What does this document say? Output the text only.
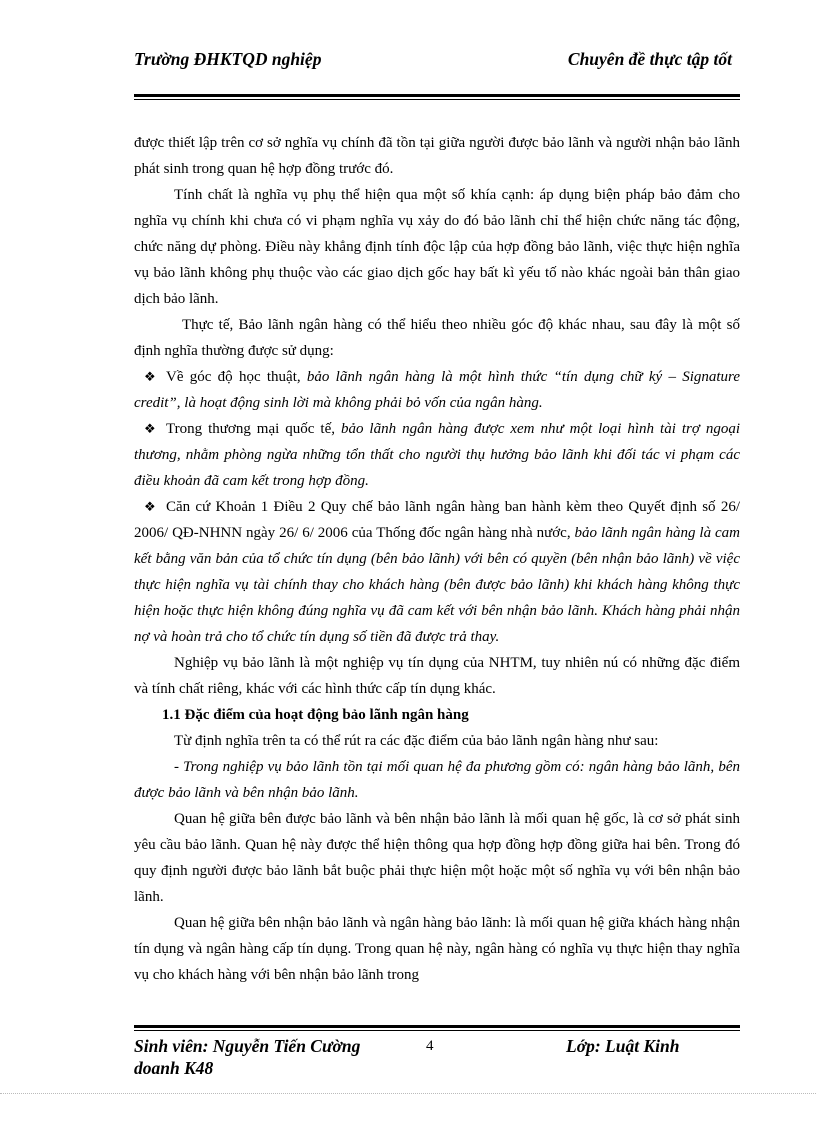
Trường ĐHKTQD nghiệp	Chuyên đề thực tập tốt

được thiết lập trên cơ sở nghĩa vụ chính đã tồn tại giữa người được bảo lãnh và người nhận bảo lãnh phát sinh trong quan hệ hợp đồng trước đó.

Tính chất là nghĩa vụ phụ thể hiện qua một số khía cạnh: áp dụng biện pháp bảo đảm cho nghĩa vụ chính khi chưa có vi phạm nghĩa vụ xảy do đó bảo lãnh chỉ thể hiện chức năng tác động, chức năng dự phòng. Điều này khẳng định tính độc lập của hợp đồng bảo lãnh, việc thực hiện nghĩa vụ bảo lãnh không phụ thuộc vào các giao dịch gốc hay bất kì yếu tố nào khác ngoài bản thân giao dịch bảo lãnh.

Thực tế, Bảo lãnh ngân hàng có thể hiểu theo nhiều góc độ khác nhau, sau đây là một số định nghĩa thường được sử dụng:

❖ Về góc độ học thuật, bảo lãnh ngân hàng là một hình thức “tín dụng chữ ký – Signature credit”, là hoạt động sinh lời mà không phải bỏ vốn của ngân hàng.

❖ Trong thương mại quốc tế, bảo lãnh ngân hàng được xem như một loại hình tài trợ ngoại thương, nhằm phòng ngừa những tổn thất cho người thụ hưởng bảo lãnh khi đối tác vi phạm các điều khoản đã cam kết trong hợp đồng.

❖ Căn cứ Khoản 1 Điều 2 Quy chế bảo lãnh ngân hàng ban hành kèm theo Quyết định số 26/ 2006/ QĐ-NHNN ngày 26/ 6/ 2006 của Thống đốc ngân hàng nhà nước, bảo lãnh ngân hàng là cam kết bằng văn bản của tổ chức tín dụng (bên bảo lãnh) với bên có quyền (bên nhận bảo lãnh) về việc thực hiện nghĩa vụ tài chính thay cho khách hàng (bên được bảo lãnh) khi khách hàng không thực hiện hoặc thực hiện không đúng nghĩa vụ đã cam kết với bên nhận bảo lãnh. Khách hàng phải nhận nợ và hoàn trả cho tổ chức tín dụng số tiền đã được trả thay.

Nghiệp vụ bảo lãnh là một nghiệp vụ tín dụng của NHTM, tuy nhiên nú có những đặc điểm và tính chất riêng, khác với các hình thức cấp tín dụng khác.

1.1 Đặc điểm của hoạt động bảo lãnh ngân hàng

Từ định nghĩa trên ta có thể rút ra các đặc điểm của bảo lãnh ngân hàng như sau:

- Trong nghiệp vụ bảo lãnh tồn tại mối quan hệ đa phương gồm có: ngân hàng bảo lãnh, bên được bảo lãnh và bên nhận bảo lãnh.

Quan hệ giữa bên được bảo lãnh và bên nhận bảo lãnh là mối quan hệ gốc, là cơ sở phát sinh yêu cầu bảo lãnh. Quan hệ này được thể hiện thông qua hợp đồng hợp đồng giữa hai bên. Trong đó quy định người được bảo lãnh bắt buộc phải thực hiện một hoặc một số nghĩa vụ với bên nhận bảo lãnh.

Quan hệ giữa bên nhận bảo lãnh và ngân hàng bảo lãnh: là mối quan hệ giữa khách hàng nhận tín dụng và ngân hàng cấp tín dụng. Trong quan hệ này, ngân hàng có nghĩa vụ thực hiện thay nghĩa vụ cho khách hàng với bên nhận bảo lãnh trong

Sinh viên: Nguyễn Tiến Cường doanh K48
4	Lớp: Luật Kinh
